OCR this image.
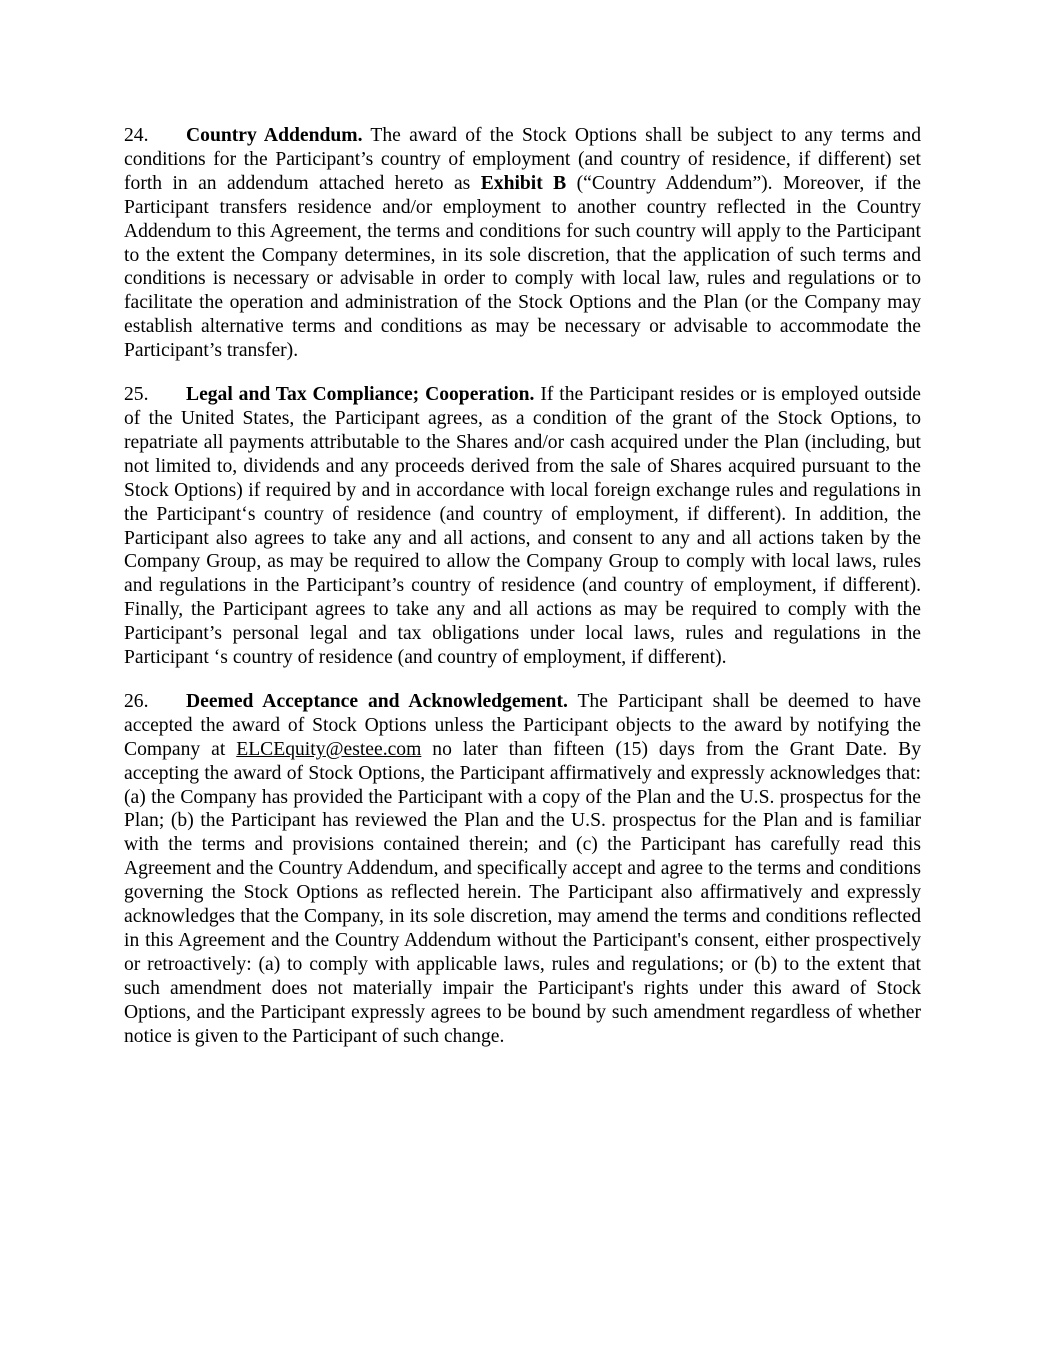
24. Country Addendum. The award of the Stock Options shall be subject to any terms and conditions for the Participant’s country of employment (and country of residence, if different) set forth in an addendum attached hereto as Exhibit B (“Country Addendum”). Moreover, if the Participant transfers residence and/or employment to another country reflected in the Country Addendum to this Agreement, the terms and conditions for such country will apply to the Participant to the extent the Company determines, in its sole discretion, that the application of such terms and conditions is necessary or advisable in order to comply with local law, rules and regulations or to facilitate the operation and administration of the Stock Options and the Plan (or the Company may establish alternative terms and conditions as may be necessary or advisable to accommodate the Participant’s transfer).

25. Legal and Tax Compliance; Cooperation. If the Participant resides or is employed outside of the United States, the Participant agrees, as a condition of the grant of the Stock Options, to repatriate all payments attributable to the Shares and/or cash acquired under the Plan (including, but not limited to, dividends and any proceeds derived from the sale of Shares acquired pursuant to the Stock Options) if required by and in accordance with local foreign exchange rules and regulations in the Participant‘s country of residence (and country of employment, if different). In addition, the Participant also agrees to take any and all actions, and consent to any and all actions taken by the Company Group, as may be required to allow the Company Group to comply with local laws, rules and regulations in the Participant’s country of residence (and country of employment, if different). Finally, the Participant agrees to take any and all actions as may be required to comply with the Participant’s personal legal and tax obligations under local laws, rules and regulations in the Participant ‘s country of residence (and country of employment, if different).

26. Deemed Acceptance and Acknowledgement. The Participant shall be deemed to have accepted the award of Stock Options unless the Participant objects to the award by notifying the Company at ELCEquity@estee.com no later than fifteen (15) days from the Grant Date. By accepting the award of Stock Options, the Participant affirmatively and expressly acknowledges that: (a) the Company has provided the Participant with a copy of the Plan and the U.S. prospectus for the Plan; (b) the Participant has reviewed the Plan and the U.S. prospectus for the Plan and is familiar with the terms and provisions contained therein; and (c) the Participant has carefully read this Agreement and the Country Addendum, and specifically accept and agree to the terms and conditions governing the Stock Options as reflected herein. The Participant also affirmatively and expressly acknowledges that the Company, in its sole discretion, may amend the terms and conditions reflected in this Agreement and the Country Addendum without the Participant's consent, either prospectively or retroactively: (a) to comply with applicable laws, rules and regulations; or (b) to the extent that such amendment does not materially impair the Participant's rights under this award of Stock Options, and the Participant expressly agrees to be bound by such amendment regardless of whether notice is given to the Participant of such change.
